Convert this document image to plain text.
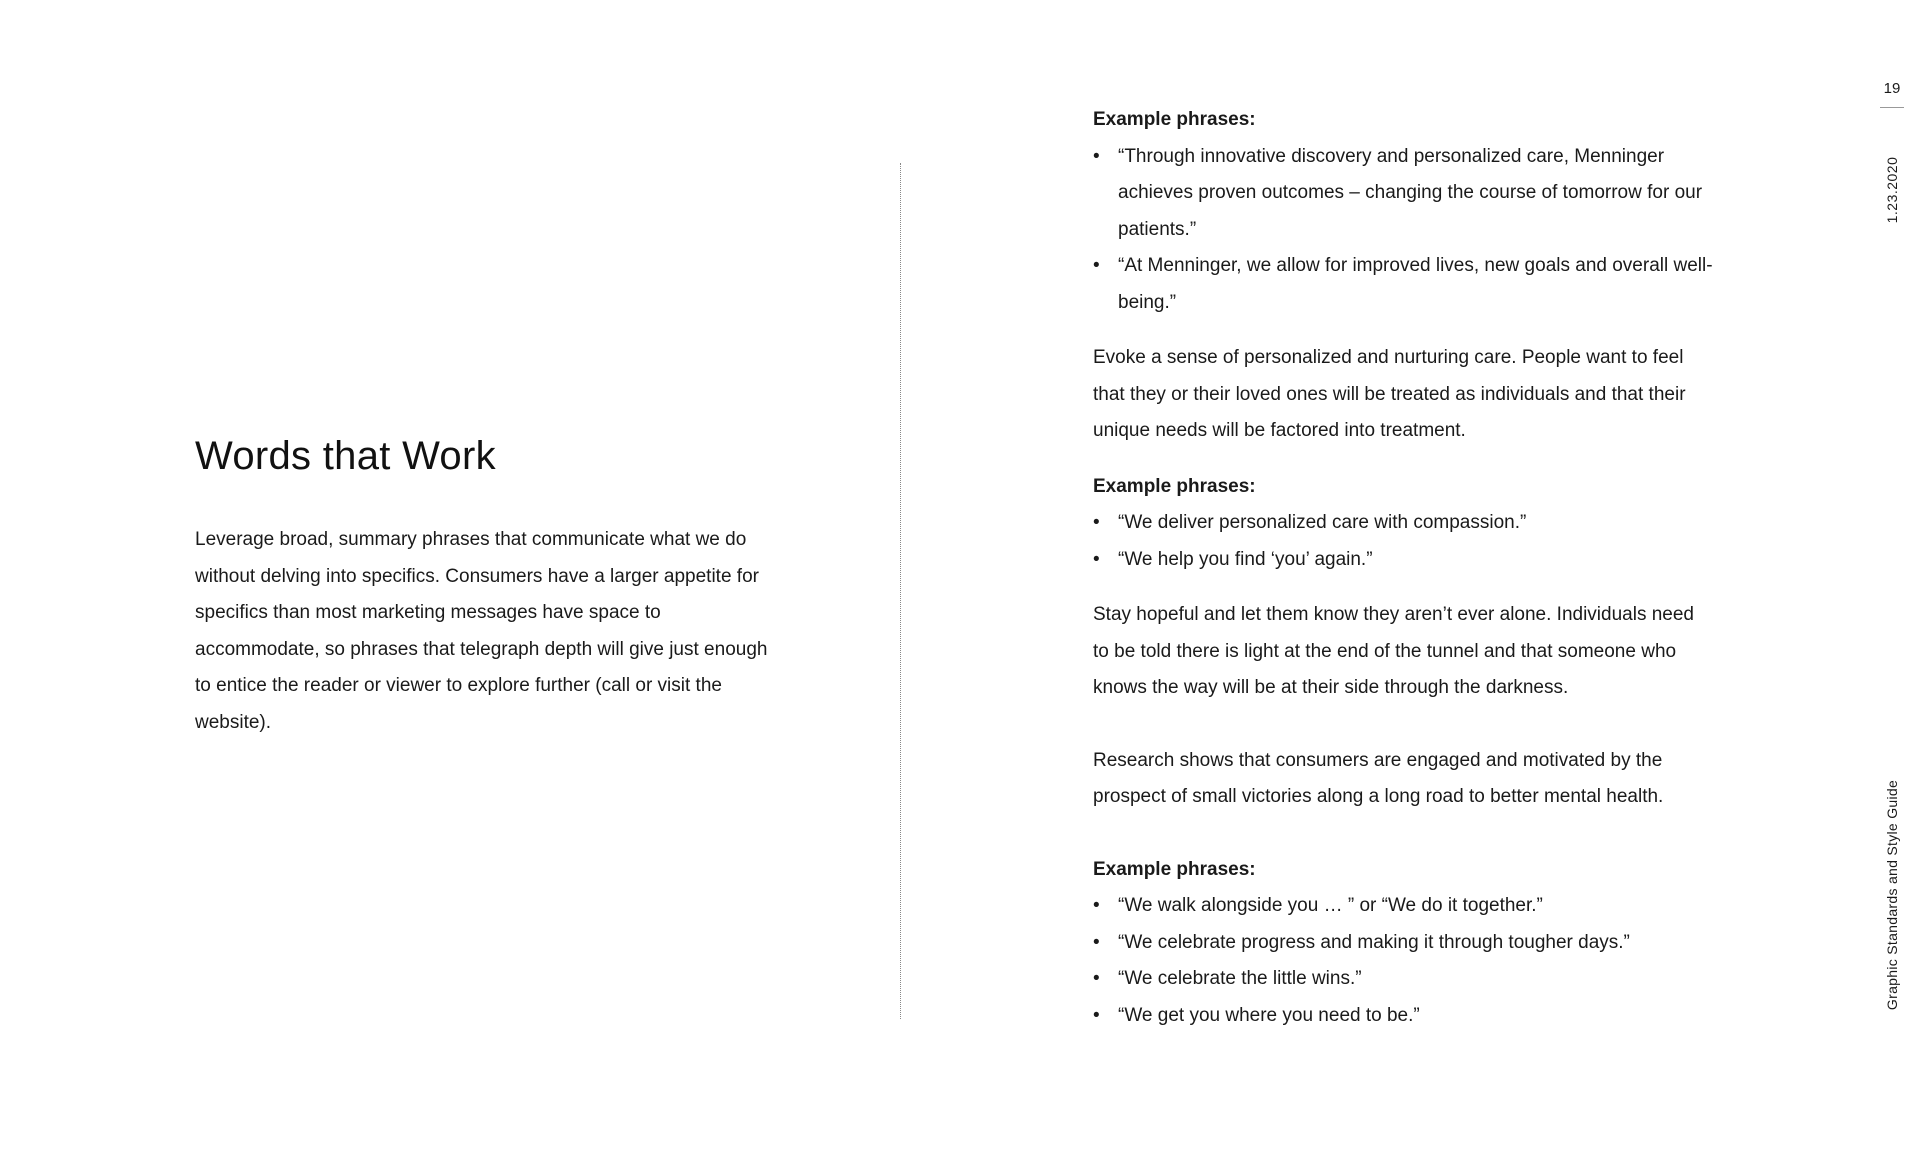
Words that Work

Leverage broad, summary phrases that communicate what we do without delving into specifics. Consumers have a larger appetite for specifics than most marketing messages have space to accommodate, so phrases that telegraph depth will give just enough to entice the reader or viewer to explore further (call or visit the website).

Example phrases:

• “Through innovative discovery and personalized care, Menninger achieves proven outcomes – changing the course of tomorrow for our patients.”
• “At Menninger, we allow for improved lives, new goals and overall well-being.”

Evoke a sense of personalized and nurturing care. People want to feel that they or their loved ones will be treated as individuals and that their unique needs will be factored into treatment.

Example phrases:

• “We deliver personalized care with compassion.”
• “We help you find ‘you’ again.”

Stay hopeful and let them know they aren’t ever alone. Individuals need to be told there is light at the end of the tunnel and that someone who knows the way will be at their side through the darkness.

Research shows that consumers are engaged and motivated by the prospect of small victories along a long road to better mental health.

Example phrases:

• “We walk alongside you … ” or “We do it together.”
• “We celebrate progress and making it through tougher days.”
• “We celebrate the little wins.”
• “We get you where you need to be.”
19
1.23.2020
Graphic Standards and Style Guide
